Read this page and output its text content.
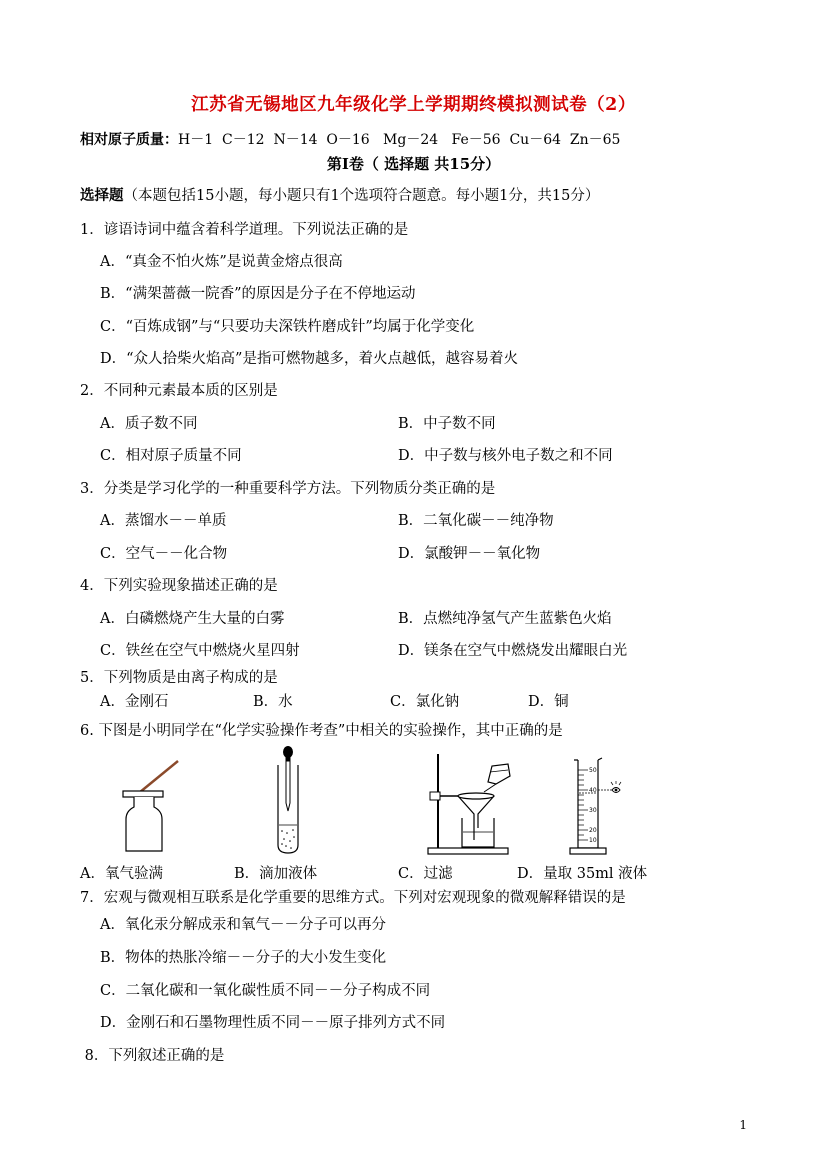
江苏省无锡地区九年级化学上学期期终模拟测试卷（2）
相对原子质量：H－1  C－12  N－14  O－16   Mg－24   Fe－56  Cu－64  Zn－65
第Ⅰ卷（ 选择题 共15分）
选择题（本题包括15小题，每小题只有1个选项符合题意。每小题1分，共15分）
1．谚语诗词中蕴含着科学道理。下列说法正确的是
A．“真金不怕火炼”是说黄金熔点很高
B．“满架蔷薇一院香”的原因是分子在不停地运动
C．“百炼成钢”与“只要功夫深铁杵磨成针”均属于化学变化
D．“众人拾柴火焰高”是指可燃物越多，着火点越低，越容易着火
2．不同种元素最本质的区别是
A．质子数不同	B．中子数不同
C．相对原子质量不同	D．中子数与核外电子数之和不同
3．分类是学习化学的一种重要科学方法。下列物质分类正确的是
A．蒸馏水－－单质	B．二氧化碳－－纯净物
C．空气－－化合物	D．氯酸钾－－氧化物
4．下列实验现象描述正确的是
A．白磷燃烧产生大量的白雾	B．点燃纯净氢气产生蓝紫色火焰
C．铁丝在空气中燃烧火星四射	D．镁条在空气中燃烧发出耀眼白光
5．下列物质是由离子构成的是
A．金刚石	B．水	C．氯化钠	D．铜
6. 下图是小明同学在“化学实验操作考查”中相关的实验操作，其中正确的是
50
40
30
20
10
A．氧气验满	B．滴加液体	C．过滤	D．量取 35ml 液体
7．宏观与微观相互联系是化学重要的思维方式。下列对宏观现象的微观解释错误的是
A．氧化汞分解成汞和氧气－－分子可以再分
B．物体的热胀冷缩－－分子的大小发生变化
C．二氧化碳和一氧化碳性质不同－－分子构成不同
D．金刚石和石墨物理性质不同－－原子排列方式不同
8．下列叙述正确的是
1
